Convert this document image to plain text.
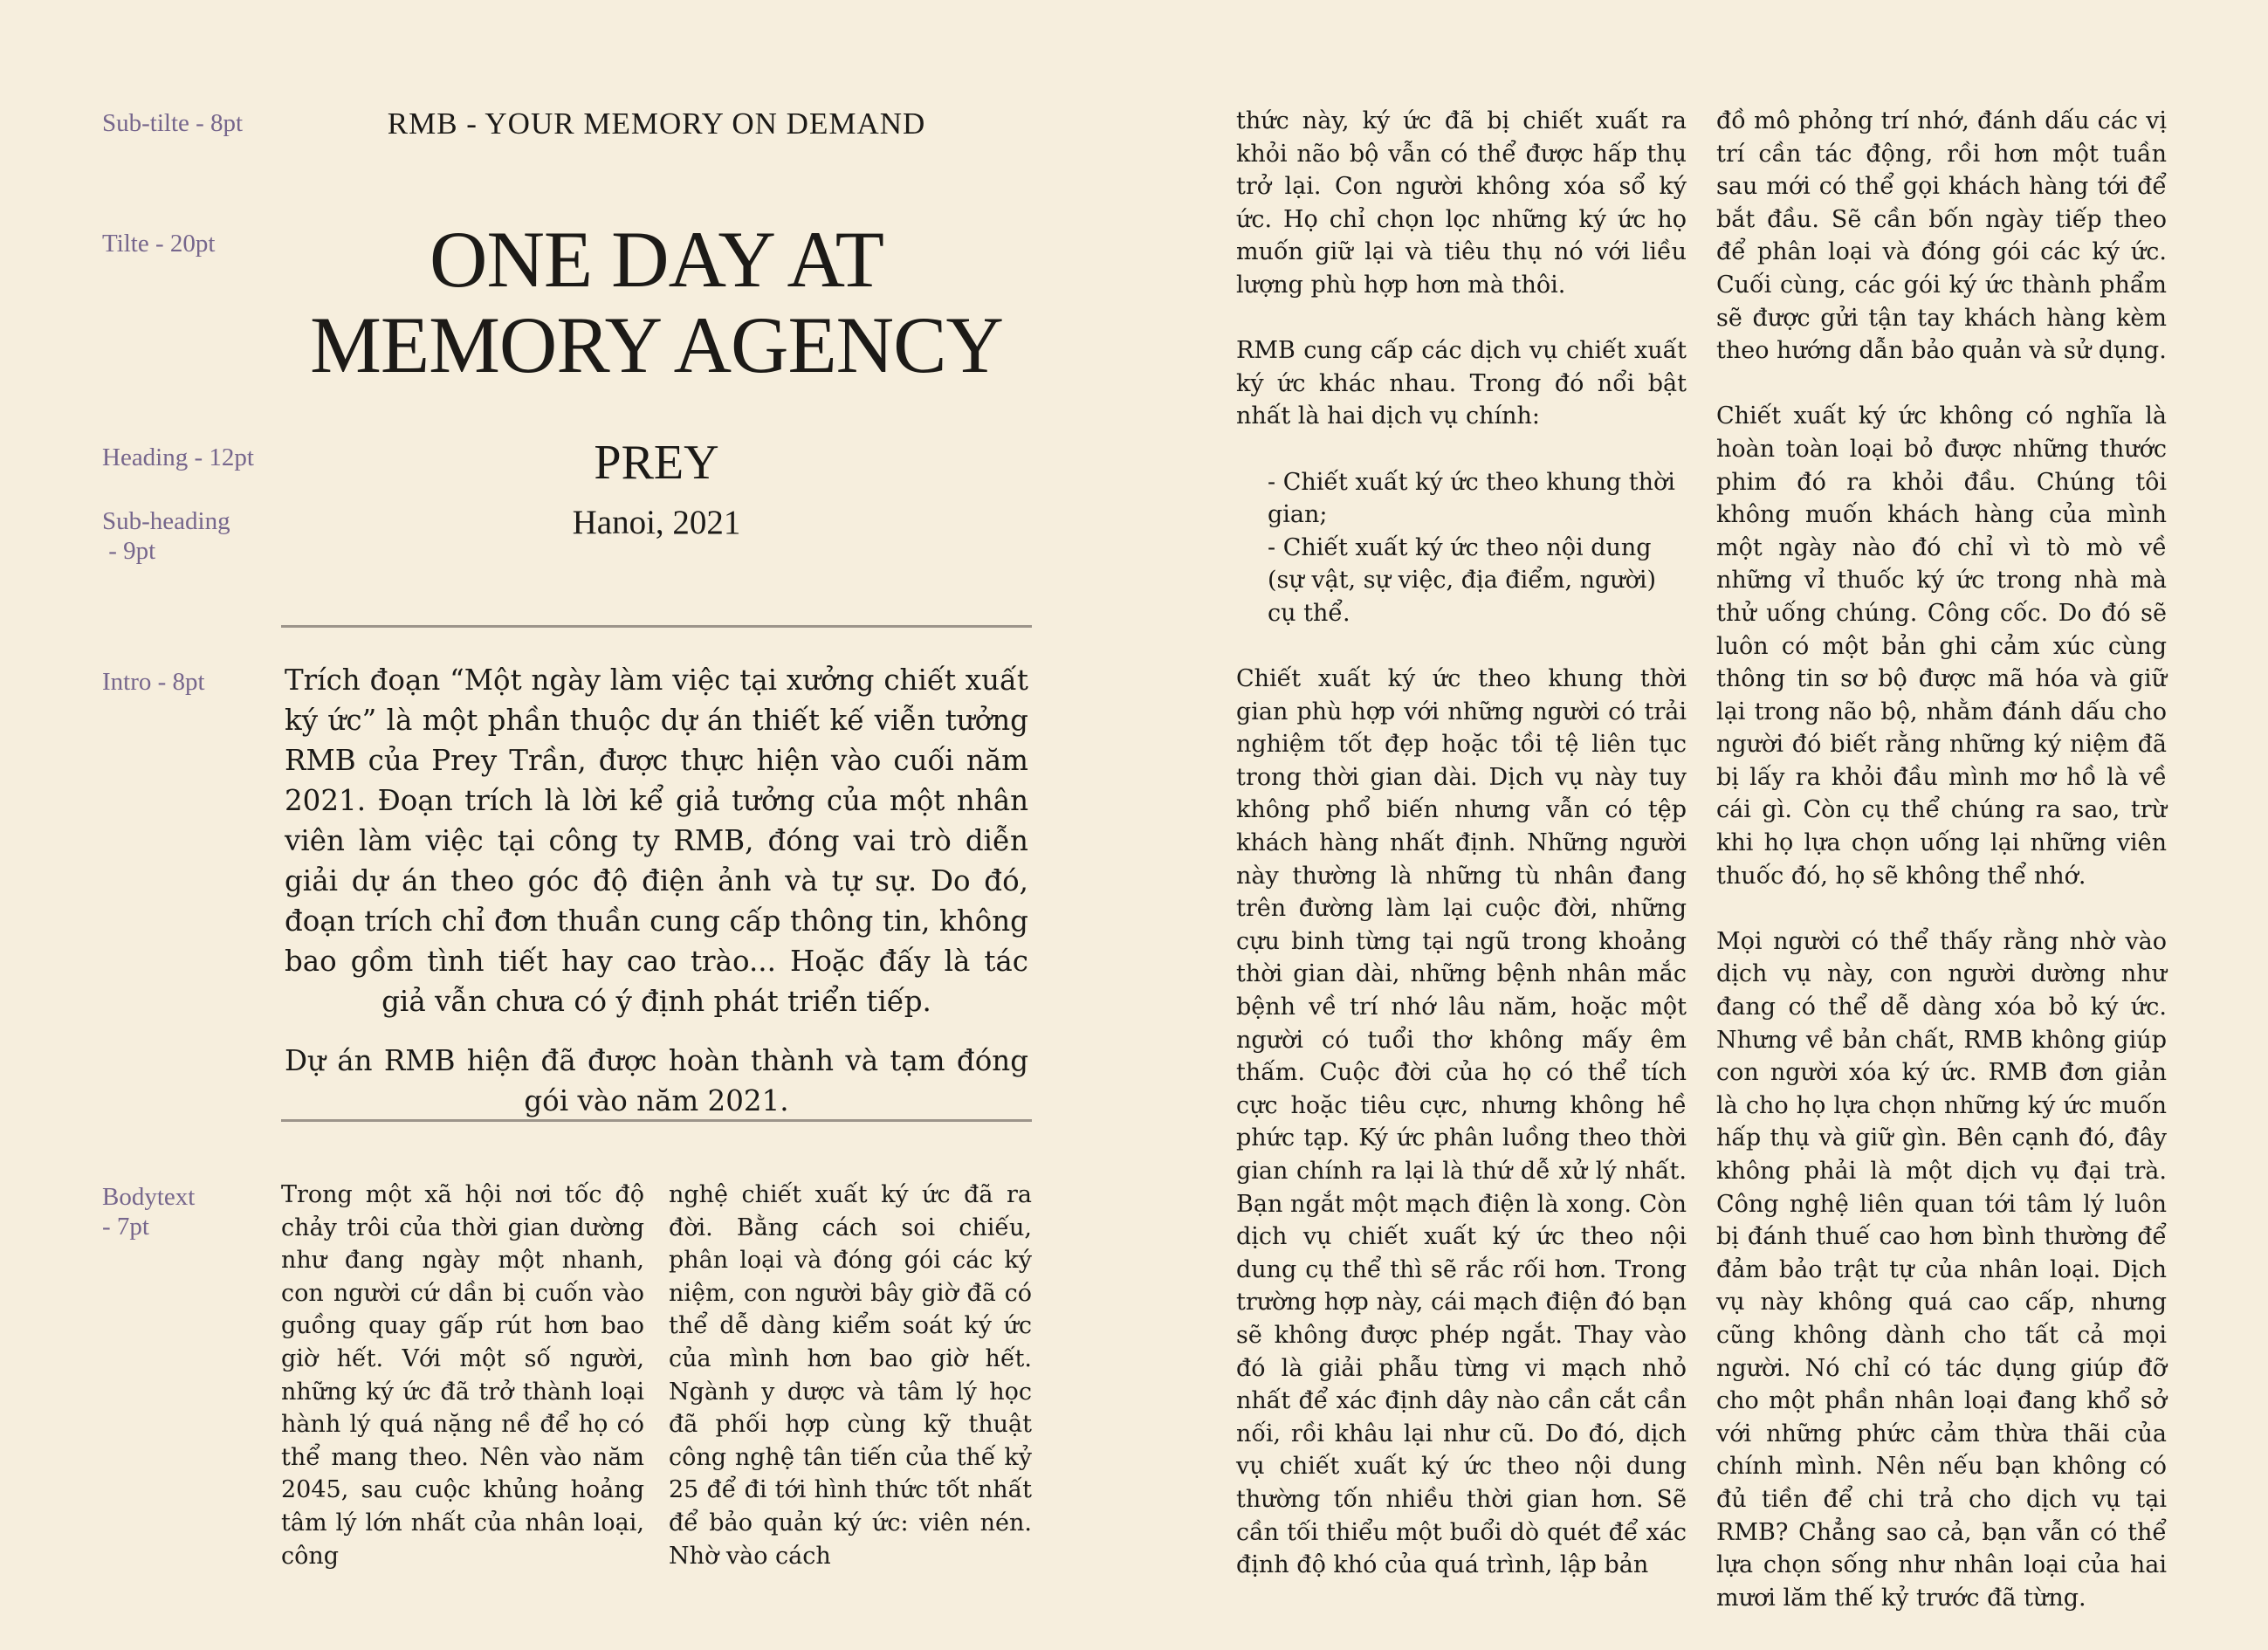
Sub-tilte - 8pt
Tilte - 20pt
Heading - 12pt
Sub-heading
- 9pt
Intro - 8pt
Bodytext
- 7pt
RMB - YOUR MEMORY ON DEMAND
ONE DAY AT
MEMORY AGENCY
PREY
Hanoi, 2021

Trích đoạn “Một ngày làm việc tại xưởng chiết xuất ký ức” là một phần thuộc dự án thiết kế viễn tưởng RMB của Prey Trần, được thực hiện vào cuối năm 2021. Đoạn trích là lời kể giả tưởng của một nhân viên làm việc tại công ty RMB, đóng vai trò diễn giải dự án theo góc độ điện ảnh và tự sự. Do đó, đoạn trích chỉ đơn thuần cung cấp thông tin, không bao gồm tình tiết hay cao trào... Hoặc đấy là tác giả vẫn chưa có ý định phát triển tiếp.

Dự án RMB hiện đã được hoàn thành và tạm đóng gói vào năm 2021.

Trong một xã hội nơi tốc độ chảy trôi của thời gian dường như đang ngày một nhanh, con người cứ dần bị cuốn vào guồng quay gấp rút hơn bao giờ hết. Với một số người, những ký ức đã trở thành loại hành lý quá nặng nề để họ có thể mang theo. Nên vào năm 2045, sau cuộc khủng hoảng tâm lý lớn nhất của nhân loại, công

nghệ chiết xuất ký ức đã ra đời. Bằng cách soi chiếu, phân loại và đóng gói các ký niệm, con người bây giờ đã có thể dễ dàng kiểm soát ký ức của mình hơn bao giờ hết. Ngành y dược và tâm lý học đã phối hợp cùng kỹ thuật công nghệ tân tiến của thế kỷ 25 để đi tới hình thức tốt nhất để bảo quản ký ức: viên nén. Nhờ vào cách

thức này, ký ức đã bị chiết xuất ra khỏi não bộ vẫn có thể được hấp thụ trở lại. Con người không xóa sổ ký ức. Họ chỉ chọn lọc những ký ức họ muốn giữ lại và tiêu thụ nó với liều lượng phù hợp hơn mà thôi.

RMB cung cấp các dịch vụ chiết xuất ký ức khác nhau. Trong đó nổi bật nhất là hai dịch vụ chính:

- Chiết xuất ký ức theo khung thời gian;
- Chiết xuất ký ức theo nội dung (sự vật, sự việc, địa điểm, người) cụ thể.

Chiết xuất ký ức theo khung thời gian phù hợp với những người có trải nghiệm tốt đẹp hoặc tồi tệ liên tục trong thời gian dài. Dịch vụ này tuy không phổ biến nhưng vẫn có tệp khách hàng nhất định. Những người này thường là những tù nhân đang trên đường làm lại cuộc đời, những cựu binh từng tại ngũ trong khoảng thời gian dài, những bệnh nhân mắc bệnh về trí nhớ lâu năm, hoặc một người có tuổi thơ không mấy êm thấm. Cuộc đời của họ có thể tích cực hoặc tiêu cực, nhưng không hề phức tạp. Ký ức phân luồng theo thời gian chính ra lại là thứ dễ xử lý nhất. Bạn ngắt một mạch điện là xong. Còn dịch vụ chiết xuất ký ức theo nội dung cụ thể thì sẽ rắc rối hơn. Trong trường hợp này, cái mạch điện đó bạn sẽ không được phép ngắt. Thay vào đó là giải phẫu từng vi mạch nhỏ nhất để xác định dây nào cần cắt cần nối, rồi khâu lại như cũ. Do đó, dịch vụ chiết xuất ký ức theo nội dung thường tốn nhiều thời gian hơn. Sẽ cần tối thiểu một buổi dò quét để xác định độ khó của quá trình, lập bản

đồ mô phỏng trí nhớ, đánh dấu các vị trí cần tác động, rồi hơn một tuần sau mới có thể gọi khách hàng tới để bắt đầu. Sẽ cần bốn ngày tiếp theo để phân loại và đóng gói các ký ức. Cuối cùng, các gói ký ức thành phẩm sẽ được gửi tận tay khách hàng kèm theo hướng dẫn bảo quản và sử dụng.

Chiết xuất ký ức không có nghĩa là hoàn toàn loại bỏ được những thước phim đó ra khỏi đầu. Chúng tôi không muốn khách hàng của mình một ngày nào đó chỉ vì tò mò về những vỉ thuốc ký ức trong nhà mà thử uống chúng. Công cốc. Do đó sẽ luôn có một bản ghi cảm xúc cùng thông tin sơ bộ được mã hóa và giữ lại trong não bộ, nhằm đánh dấu cho người đó biết rằng những ký niệm đã bị lấy ra khỏi đầu mình mơ hồ là về cái gì. Còn cụ thể chúng ra sao, trừ khi họ lựa chọn uống lại những viên thuốc đó, họ sẽ không thể nhớ.

Mọi người có thể thấy rằng nhờ vào dịch vụ này, con người dường như đang có thể dễ dàng xóa bỏ ký ức. Nhưng về bản chất, RMB không giúp con người xóa ký ức. RMB đơn giản là cho họ lựa chọn những ký ức muốn hấp thụ và giữ gìn. Bên cạnh đó, đây không phải là một dịch vụ đại trà. Công nghệ liên quan tới tâm lý luôn bị đánh thuế cao hơn bình thường để đảm bảo trật tự của nhân loại. Dịch vụ này không quá cao cấp, nhưng cũng không dành cho tất cả mọi người. Nó chỉ có tác dụng giúp đỡ cho một phần nhân loại đang khổ sở với những phức cảm thừa thãi của chính mình. Nên nếu bạn không có đủ tiền để chi trả cho dịch vụ tại RMB? Chẳng sao cả, bạn vẫn có thể lựa chọn sống như nhân loại của hai mươi lăm thế kỷ trước đã từng.
